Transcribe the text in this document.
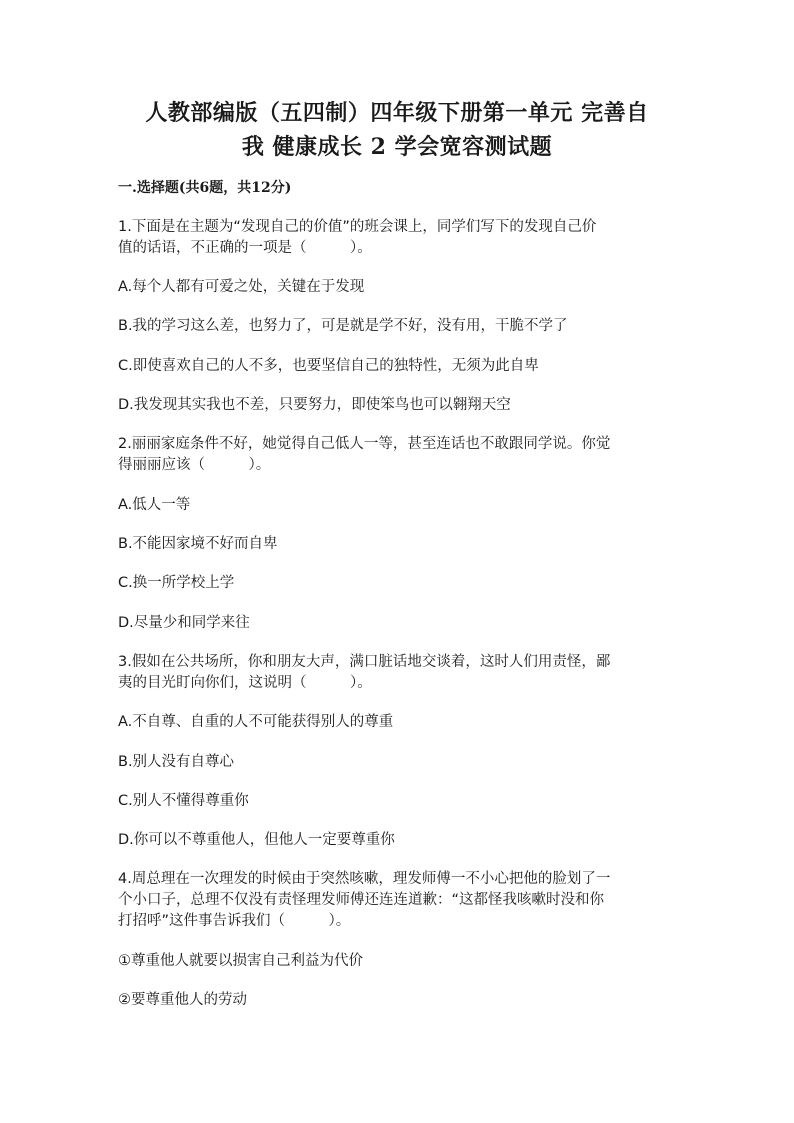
人教部编版（五四制）四年级下册第一单元 完善自
我 健康成长 2 学会宽容测试题
一.选择题(共6题，共12分)
1.下面是在主题为“发现自己的价值”的班会课上，同学们写下的发现自己价
值的话语，不正确的一项是（　　　）。
A.每个人都有可爱之处，关键在于发现
B.我的学习这么差，也努力了，可是就是学不好，没有用，干脆不学了
C.即使喜欢自己的人不多，也要坚信自己的独特性，无须为此自卑
D.我发现其实我也不差，只要努力，即使笨鸟也可以翱翔天空
2.丽丽家庭条件不好，她觉得自己低人一等，甚至连话也不敢跟同学说。你觉
得丽丽应该（　　　）。
A.低人一等
B.不能因家境不好而自卑
C.换一所学校上学
D.尽量少和同学来往
3.假如在公共场所，你和朋友大声，满口脏话地交谈着，这时人们用责怪，鄙
夷的目光盯向你们，这说明（　　　）。
A.不自尊、自重的人不可能获得别人的尊重
B.别人没有自尊心
C.别人不懂得尊重你
D.你可以不尊重他人，但他人一定要尊重你
4.周总理在一次理发的时候由于突然咳嗽，理发师傅一不小心把他的脸划了一
个小口子，总理不仅没有责怪理发师傅还连连道歉：“这都怪我咳嗽时没和你
打招呼”这件事告诉我们（　　　）。
①尊重他人就要以损害自己利益为代价
②要尊重他人的劳动
